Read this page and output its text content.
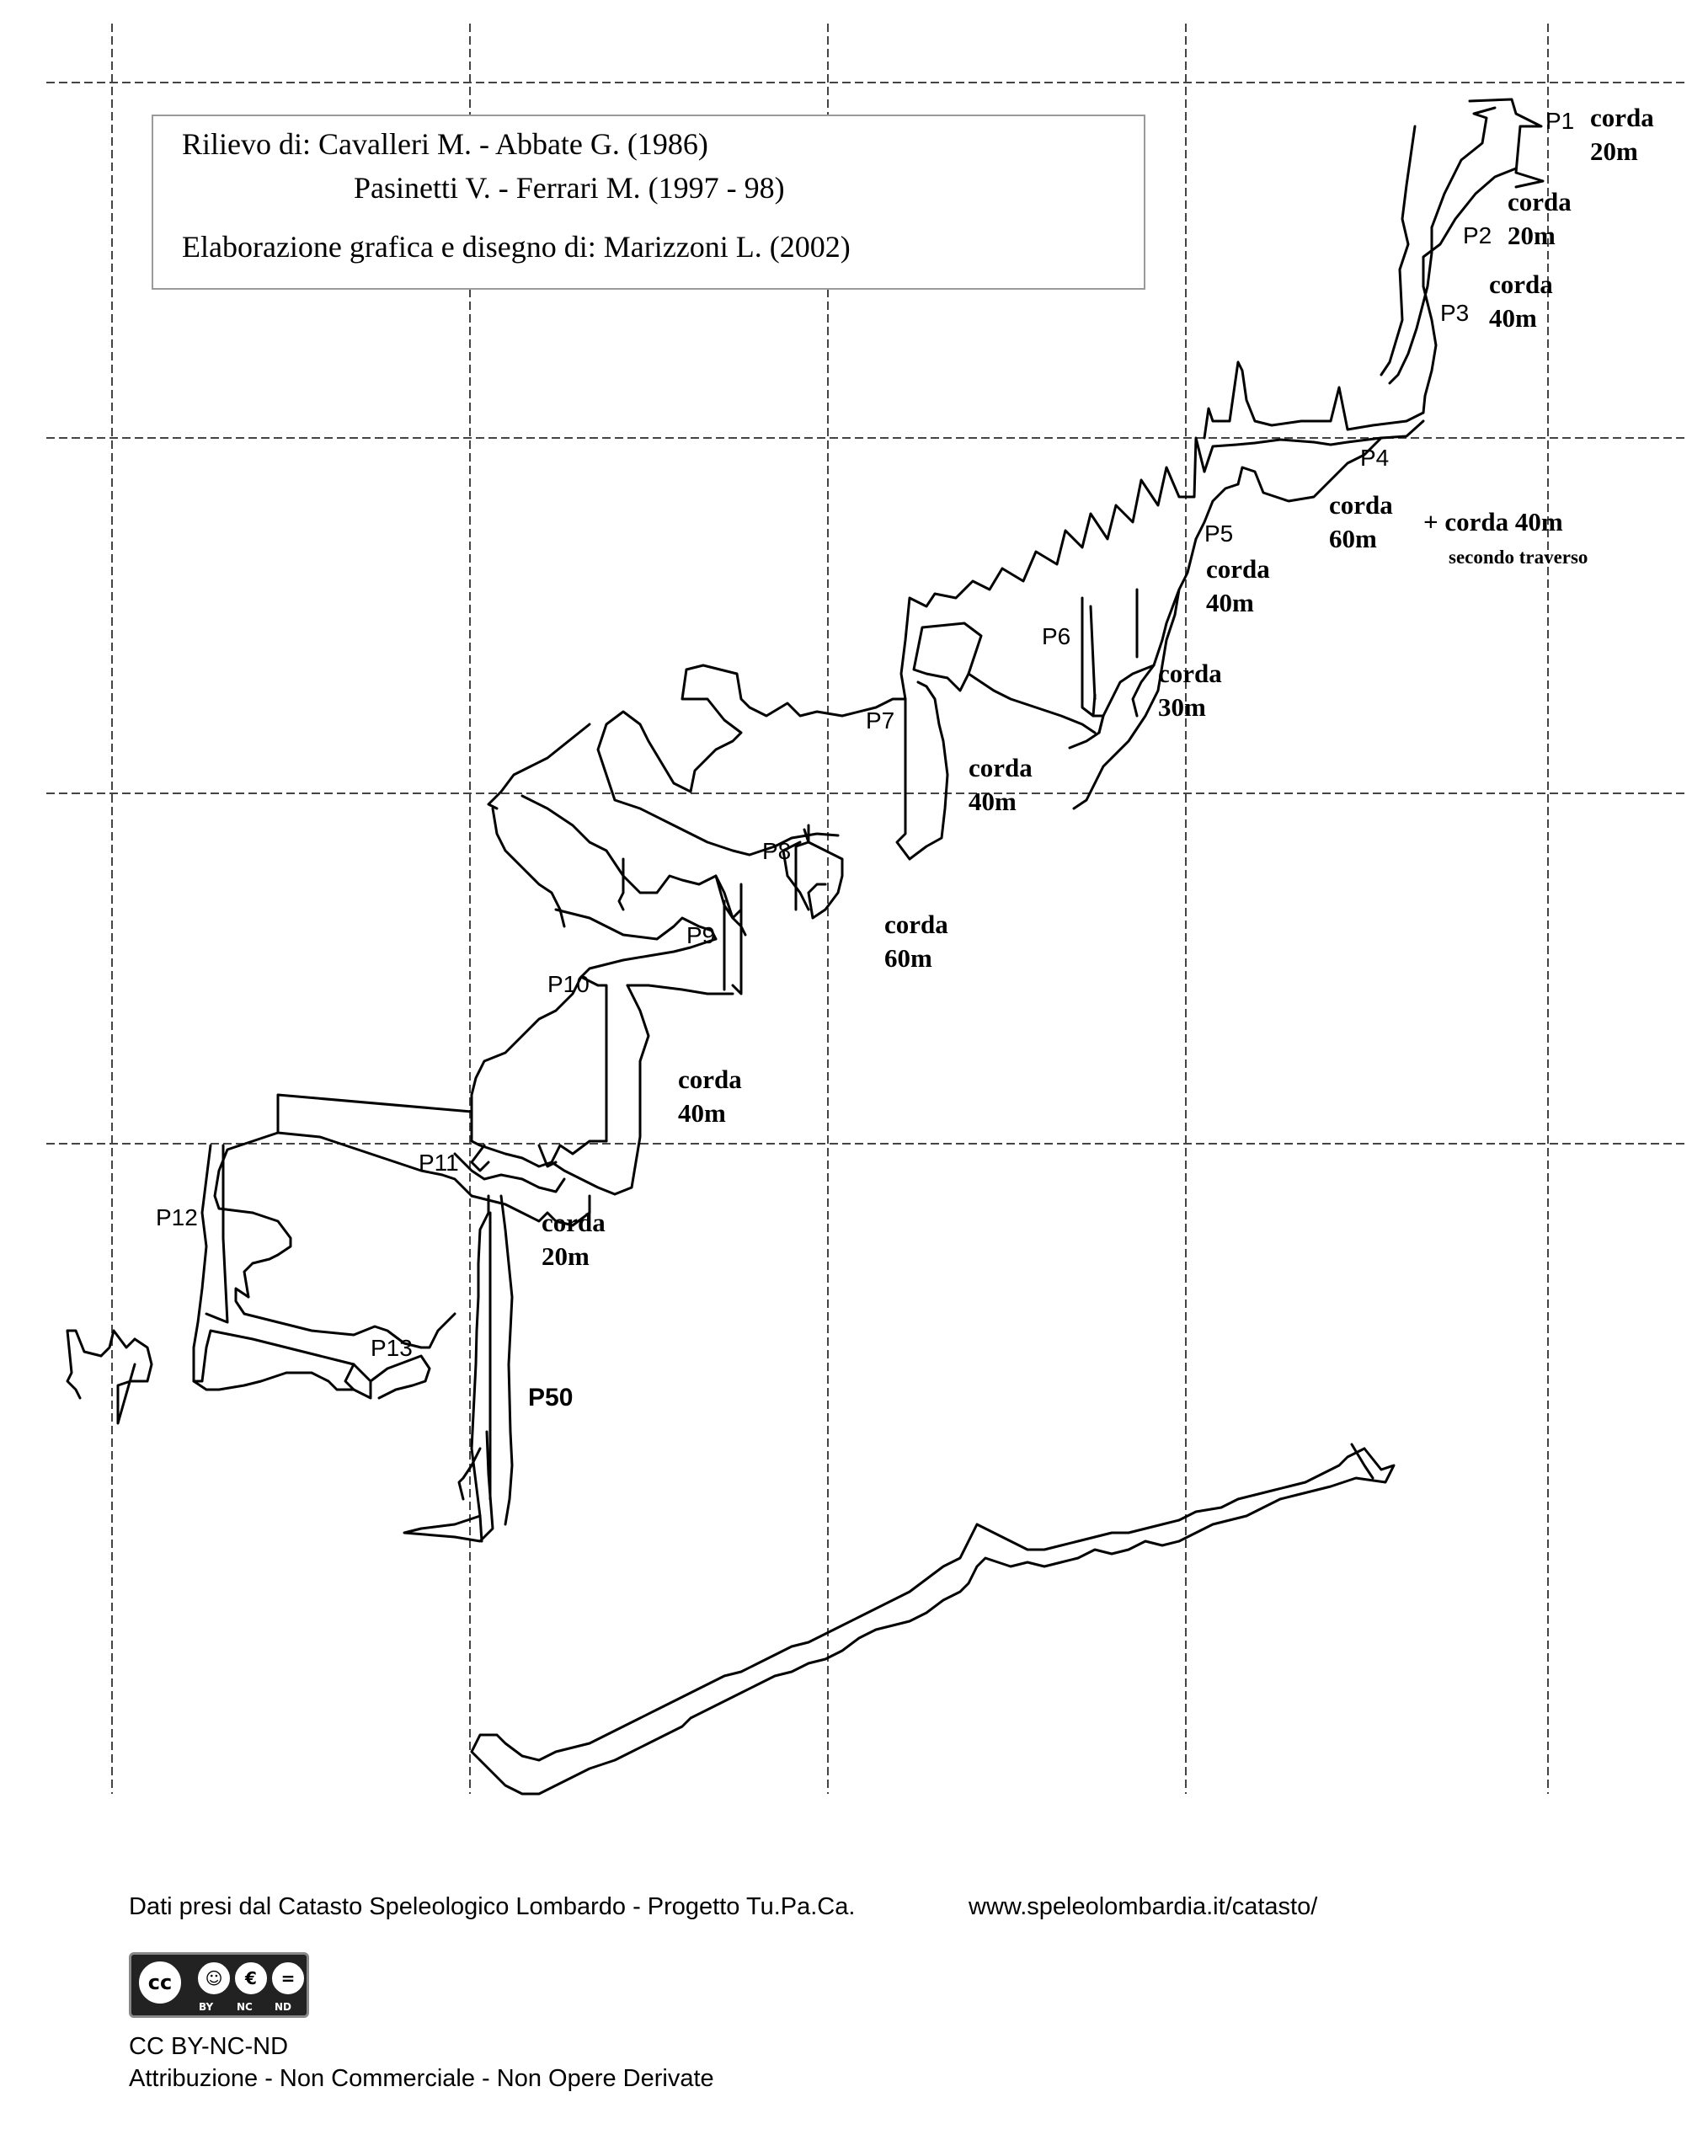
Rilievo di: Cavalleri M. - Abbate G. (1986)
Pasinetti V. - Ferrari M. (1997 - 98)
Elaborazione grafica e disegno di: Marizzoni L. (2002)
P1
P2
P3
P4
P5
P6
P7
P8
P9
P10
P11
P12
P13
P50
corda
20m
corda
20m
corda
40m
corda
60m
+ corda 40m
secondo traverso
corda
40m
corda
30m
corda
40m
corda
60m
corda
40m
corda
20m
Dati presi dal Catasto Speleologico Lombardo - Progetto Tu.Pa.Ca.	www.speleolombardia.it/catasto/
cc	☺	€	=
BY NC ND
CC BY-NC-ND
Attribuzione - Non Commerciale - Non Opere Derivate
